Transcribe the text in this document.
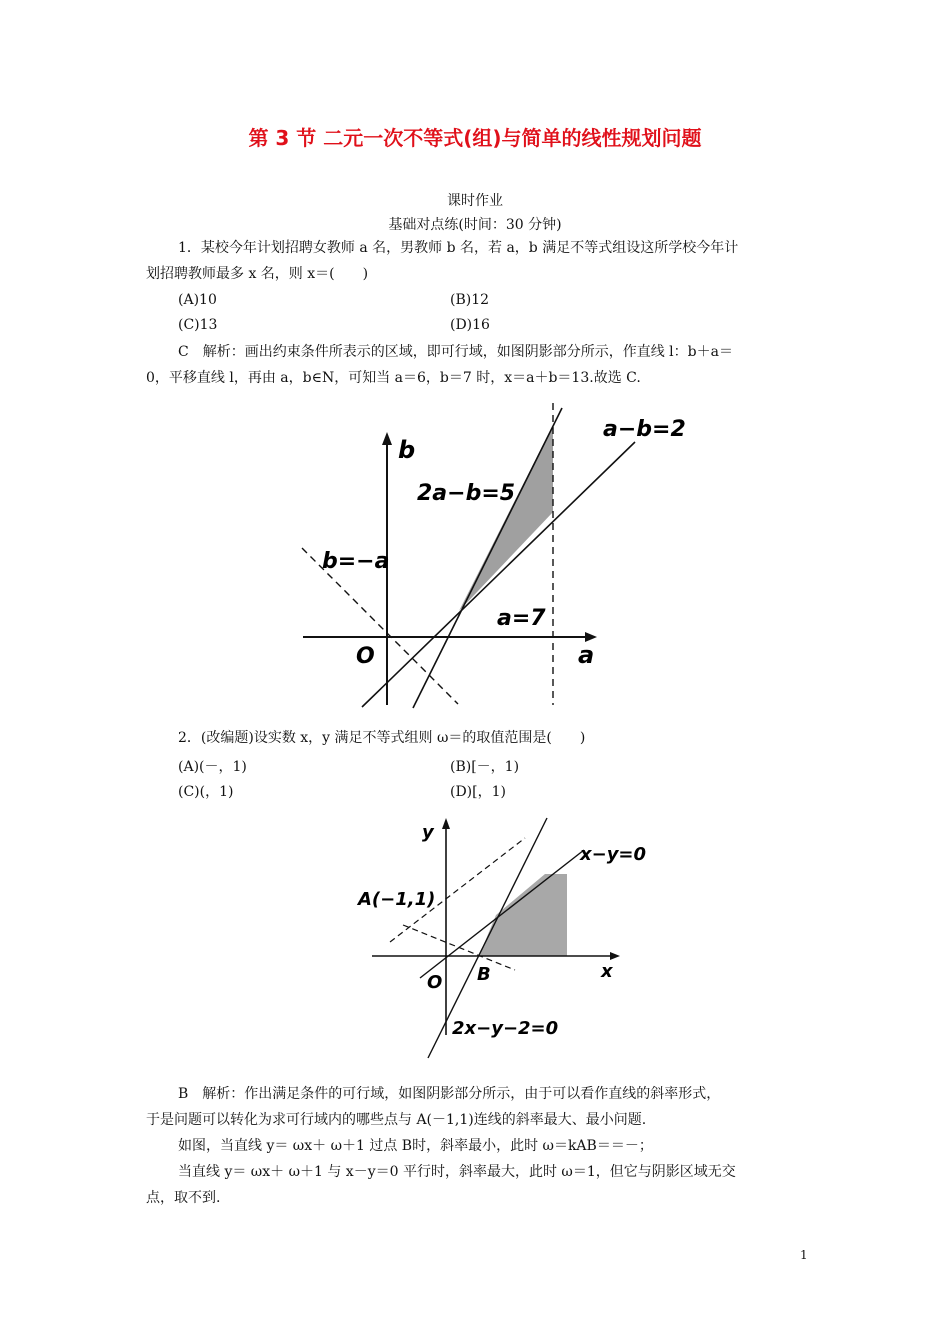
第 3 节 二元一次不等式(组)与简单的线性规划问题
课时作业
基础对点练(时间：30 分钟)
1．某校今年计划招聘女教师 a 名，男教师 b 名，若 a，b 满足不等式组设这所学校今年计
划招聘教师最多 x 名，则 x＝(　　)
(A)10	(B)12
(C)13	(D)16
C　解析：画出约束条件所表示的区域，即可行域，如图阴影部分所示，作直线 l：b＋a＝
0，平移直线 l，再由 a，b∈N，可知当 a＝6，b＝7 时，x＝a＋b＝13.故选 C.
b
a
O
a−b=2
2a−b=5
b=−a
a=7
2．(改编题)设实数 x，y 满足不等式组则 ω＝的取值范围是(　　)
(A)(－，1)	(B)[－，1)
(C)(，1)	(D)[，1)
y
x
O B
A(−1,1)
x−y=0
2x−y−2=0
B　解析：作出满足条件的可行域，如图阴影部分所示，由于可以看作直线的斜率形式，
于是问题可以转化为求可行域内的哪些点与 A(－1,1)连线的斜率最大、最小问题.
如图，当直线 y＝ ωx＋ ω＋1 过点 B时，斜率最小，此时 ω＝kAB＝＝－；
当直线 y＝ ωx＋ ω＋1 与 x－y＝0 平行时，斜率最大，此时 ω＝1，但它与阴影区域无交
点，取不到.
1
